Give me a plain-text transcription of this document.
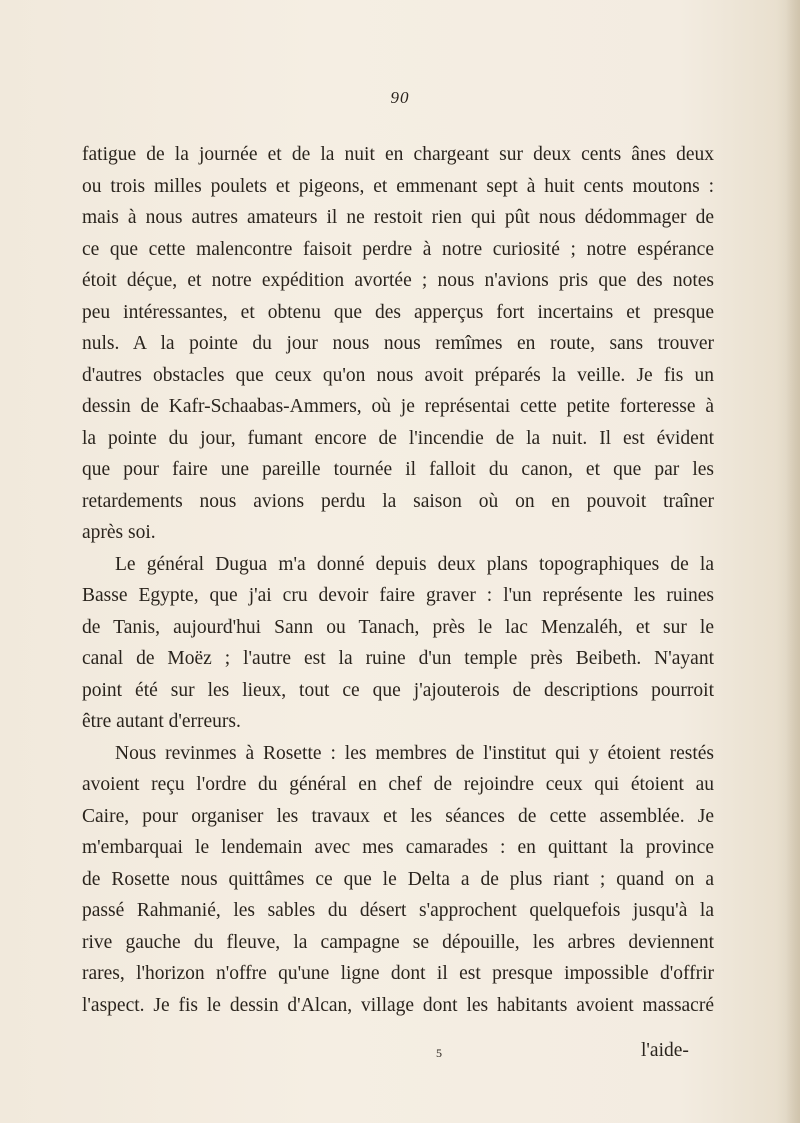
90
fatigue de la journée et de la nuit en chargeant sur deux cents ânes deux
ou trois milles poulets et pigeons, et emmenant sept à huit cents moutons :
mais à nous autres amateurs il ne restoit rien qui pût nous dédommager de
ce que cette malencontre faisoit perdre à notre curiosité ; notre espérance
étoit déçue, et notre expédition avortée ; nous n'avions pris que des notes
peu intéressantes, et obtenu que des apperçus fort incertains et presque
nuls. A la pointe du jour nous nous remîmes en route, sans trouver
d'autres obstacles que ceux qu'on nous avoit préparés la veille. Je fis un
dessin de Kafr-Schaabas-Ammers, où je représentai cette petite forteresse à
la pointe du jour, fumant encore de l'incendie de la nuit. Il est évident
que pour faire une pareille tournée il falloit du canon, et que par les
retardements nous avions perdu la saison où on en pouvoit traîner
après soi.
Le général Dugua m'a donné depuis deux plans topographiques de la
Basse Egypte, que j'ai cru devoir faire graver : l'un représente les ruines
de Tanis, aujourd'hui Sann ou Tanach, près le lac Menzaléh, et sur le
canal de Moëz ; l'autre est la ruine d'un temple près Beibeth. N'ayant
point été sur les lieux, tout ce que j'ajouterois de descriptions pourroit
être autant d'erreurs.
Nous revinmes à Rosette : les membres de l'institut qui y étoient restés
avoient reçu l'ordre du général en chef de rejoindre ceux qui étoient au
Caire, pour organiser les travaux et les séances de cette assemblée. Je
m'embarquai le lendemain avec mes camarades : en quittant la province
de Rosette nous quittâmes ce que le Delta a de plus riant ; quand on a
passé Rahmanié, les sables du désert s'approchent quelquefois jusqu'à la
rive gauche du fleuve, la campagne se dépouille, les arbres deviennent
rares, l'horizon n'offre qu'une ligne dont il est presque impossible d'offrir
l'aspect. Je fis le dessin d'Alcan, village dont les habitants avoient massacré
5	l'aide-
